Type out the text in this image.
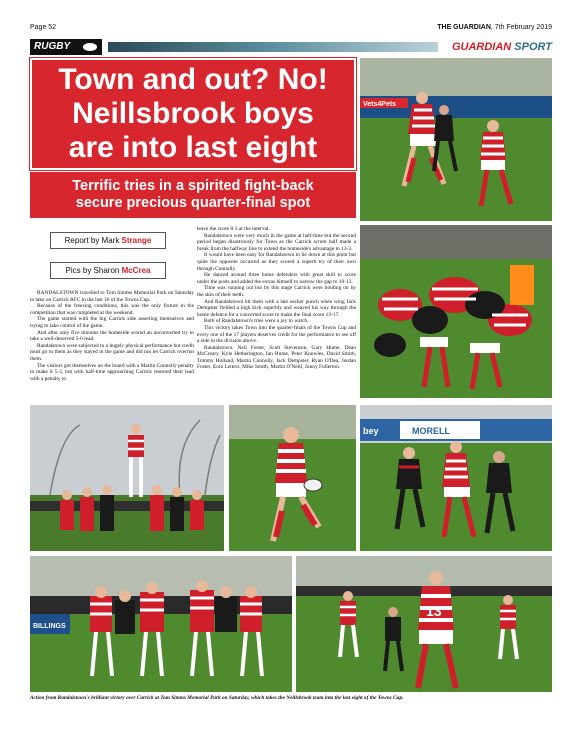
Page 52	THE GUARDIAN, 7th February 2019
RUGBY	GUARDIAN SPORT
Town and out? No!
Neillsbrook boys
are into last eight
Terrific tries in a spirited fight-back
secure precious quarter-final spot
Report by Mark Strange
Pics by Sharon McCrea

RANDALSTOWN travelled to Tom Simms Memorial Park on Saturday to take on Carrick RFC in the last 16 of the Towns Cup.

Because of the freezing conditions, this was the only fixture in the competition that was completed at the weekend.

The game started with the big Carrick side asserting themselves and trying to take control of the game.

And after only five minutes the homeside scored an unconverted try to take a well-deserved 5-0 lead.

Randalstown were subjected to a hugely physical performance but credit must go to them as they stayed in the game and did not let Carrick overrun them.

The visitors got themselves on the board with a Martin Connolly penalty to make it 5-3, but with half-time approaching Carrick restored their lead with a penalty to

leave the score 8-3 at the interval.

Randalstown were very much in the game at half-time but the second period began disastrously for Town as the Carrick scrum half made a break from the halfway line to extend the homeside's advantage to 13-3.

It would have been easy for Randalstown to lie down at this point but quite the opposite occurred as they scored a superb try of their own through Connolly.

He danced around three home defenders with great skill to score under the posts and added the extras himself to narrow the gap to 10-13.

Time was running out but by this stage Carrick were holding on by the skin of their teeth.

And Randalstown hit them with a late sucker punch when wing Jack Dempster fielded a high kick superbly and weaved his way through the home defence for a converted score to make the final score 13-17.

Both of Randalstown's tries were a joy to watch.

This victory takes Town into the quarter-finals of the Towns Cup and every one of the 17 players deserves credit for the performance to see off a side in the division above.

Randalstown: Neil Foster, Scott Stevenson, Gary Hume, Dean McCreary, Kyle Hetherington, Ian Hume, Peter Knowles, David Smith, Tommy Holland, Martin Connolly, Jack Dempster, Ryan O'Dea, Jordan Foster, Eoin Leiters, Mike Smith, Martin O'Neill, Jonny Fullerton.

Vets4Pets
MORELL
bey
BILLINGS
13
Action from Randalstown's brilliant victory over Carrick at Tom Simms Memorial Park on Saturday, which takes the Neillsbrook team into the last eight of the Towns Cup.
